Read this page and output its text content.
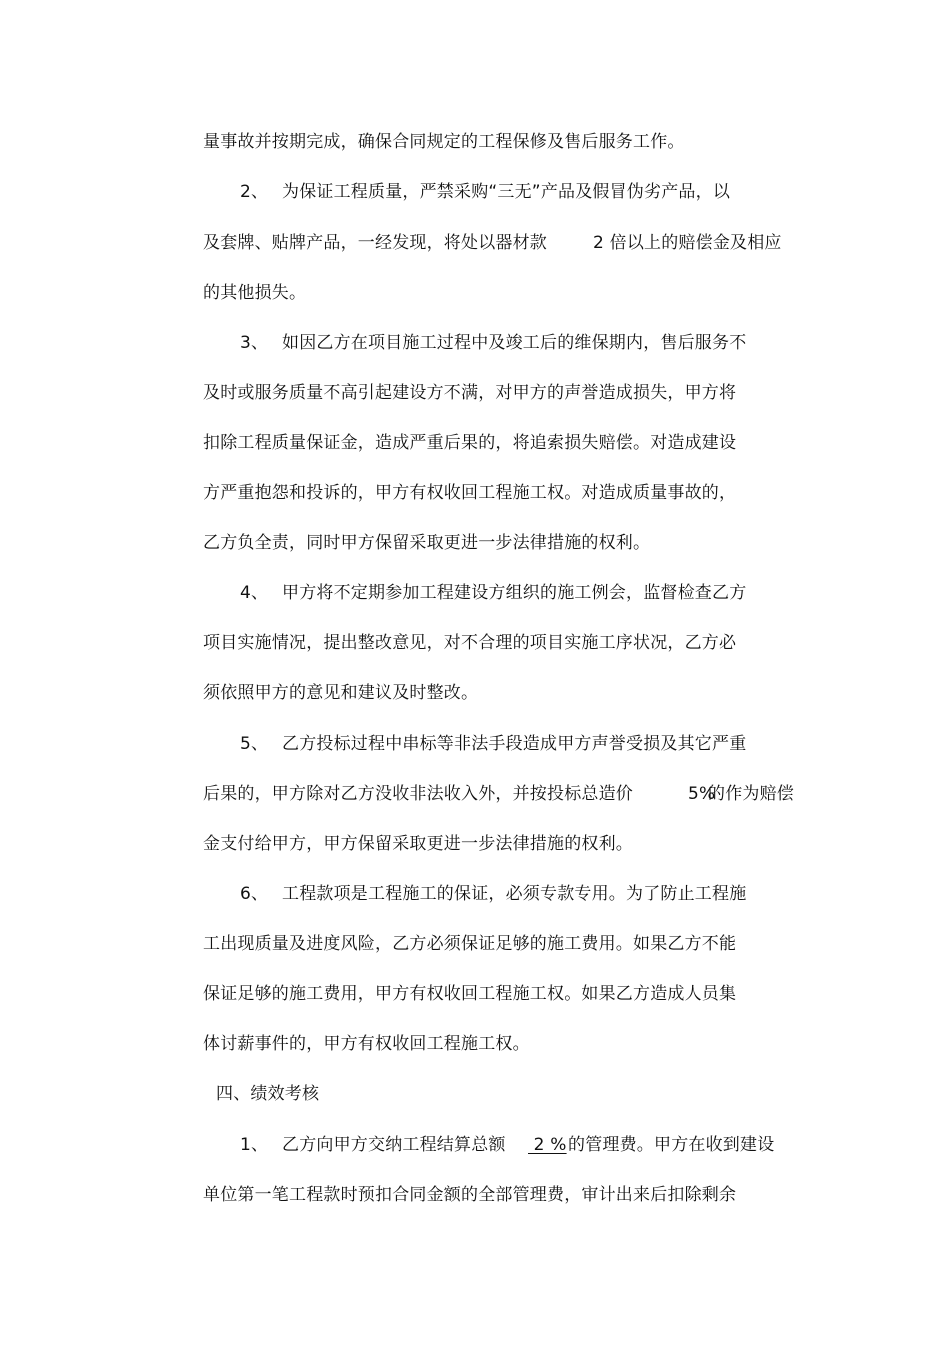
量事故并按期完成，确保合同规定的工程保修及售后服务工作。

2、

为保证工程质量，严禁采购“三无”产品及假冒伪劣产品，以

及套牌、贴牌产品，一经发现，将处以器材款

	2 倍以上的赔偿金及相应

的其他损失。

3、

如因乙方在项目施工过程中及竣工后的维保期内，售后服务不

及时或服务质量不高引起建设方不满，对甲方的声誉造成损失，甲方将

扣除工程质量保证金，造成严重后果的，将追索损失赔偿。对造成建设

方严重抱怨和投诉的，甲方有权收回工程施工权。对造成质量事故的，

乙方负全责，同时甲方保留采取更进一步法律措施的权利。

4、

甲方将不定期参加工程建设方组织的施工例会，监督检查乙方

项目实施情况，提出整改意见，对不合理的项目实施工序状况，乙方必

须依照甲方的意见和建议及时整改。

5、

乙方投标过程中串标等非法手段造成甲方声誉受损及其它严重

后果的，甲方除对乙方没收非法收入外，并按投标总造价

	5%

的作为赔偿

金支付给甲方，甲方保留采取更进一步法律措施的权利。

6、

工程款项是工程施工的保证，必须专款专用。为了防止工程施

工出现质量及进度风险，乙方必须保证足够的施工费用。如果乙方不能

保证足够的施工费用，甲方有权收回工程施工权。如果乙方造成人员集

体讨薪事件的，甲方有权收回工程施工权。

四、绩效考核

1、

乙方向甲方交纳工程结算总额

2 %

的管理费。甲方在收到建设

单位第一笔工程款时预扣合同金额的全部管理费，审计出来后扣除剩余
